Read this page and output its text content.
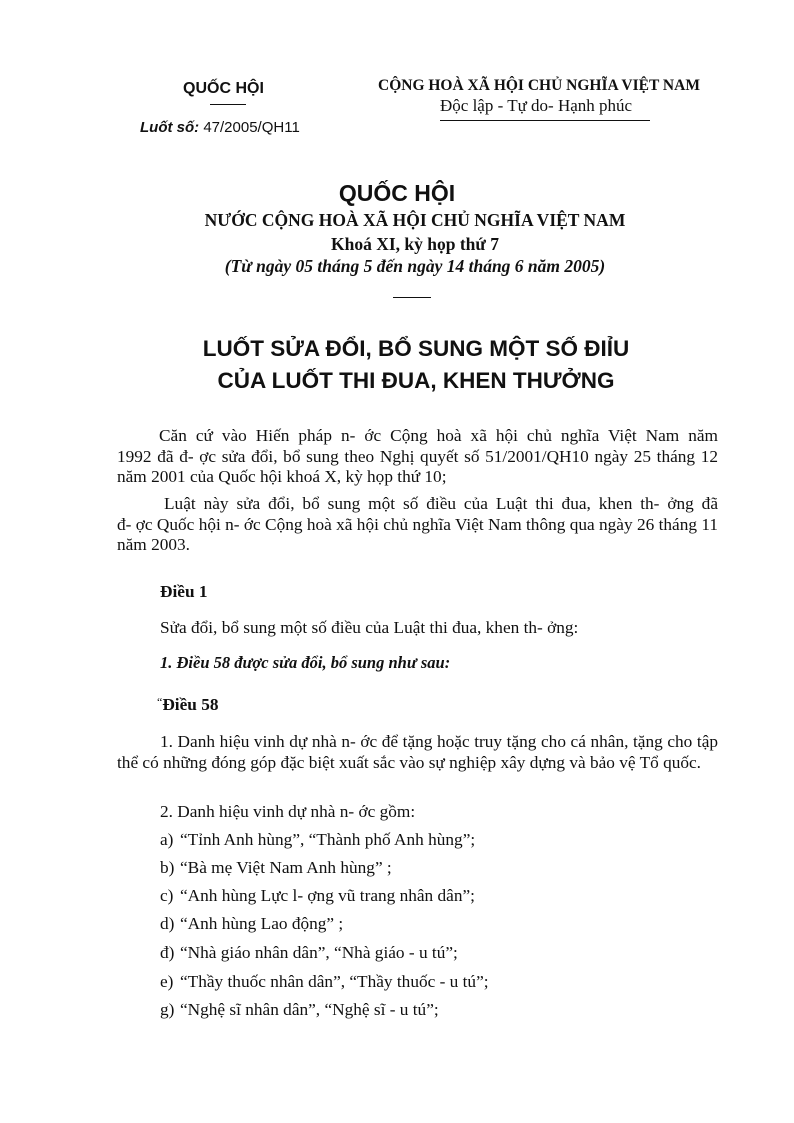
QUỐC HỘI
Luốt số: 47/2005/QH11
CỘNG HOÀ XÃ HỘI CHỦ NGHĨA VIỆT NAM
Độc lập - Tự do- Hạnh phúc
QUỐC HỘI
NƯỚC CỘNG HOÀ XÃ HỘI CHỦ NGHĨA VIỆT NAM
Khoá XI, kỳ họp thứ 7
(Từ ngày 05 tháng 5 đến ngày 14 tháng 6 năm 2005)
LUỐT SỬA ĐỔI, BỔ SUNG MỘT SỐ ĐIỈU
CỦA LUỐT THI ĐUA, KHEN THƯỞNG
Căn cứ vào Hiến pháp n- ớc Cộng hoà xã hội chủ nghĩa Việt Nam năm
1992 đã đ- ợc sửa đổi, bổ sung theo Nghị quyết số 51/2001/QH10 ngày 25 tháng 12 năm 2001 của Quốc hội khoá X, kỳ họp thứ 10;
Luật này sửa đổi, bổ sung một số điều của Luật thi đua, khen th- ởng đã
đ- ợc Quốc hội n- ớc Cộng hoà xã hội chủ nghĩa Việt Nam thông qua ngày 26 tháng 11 năm 2003.
Điều 1
Sửa đổi, bổ sung một số điều của Luật thi đua, khen th- ởng:
1. Điều 58 được sửa đổi, bổ sung như sau:
“Điều 58
1. Danh hiệu vinh dự nhà n- ớc để tặng hoặc truy tặng cho cá nhân, tặng cho tập thể có những đóng góp đặc biệt xuất sắc vào sự nghiệp xây dựng và bảo vệ Tổ quốc.
2. Danh hiệu vinh dự nhà n- ớc gồm:
a) “Tỉnh Anh hùng”, “Thành phố Anh hùng”;
b) “Bà mẹ Việt Nam Anh hùng” ;
c) “Anh hùng Lực l- ợng vũ trang nhân dân”;
d) “Anh hùng Lao động” ;
đ) “Nhà giáo nhân dân”, “Nhà giáo - u tú”;
e) “Thầy thuốc nhân dân”, “Thầy thuốc - u tú”;
g) “Nghệ sĩ nhân dân”, “Nghệ sĩ - u tú”;
